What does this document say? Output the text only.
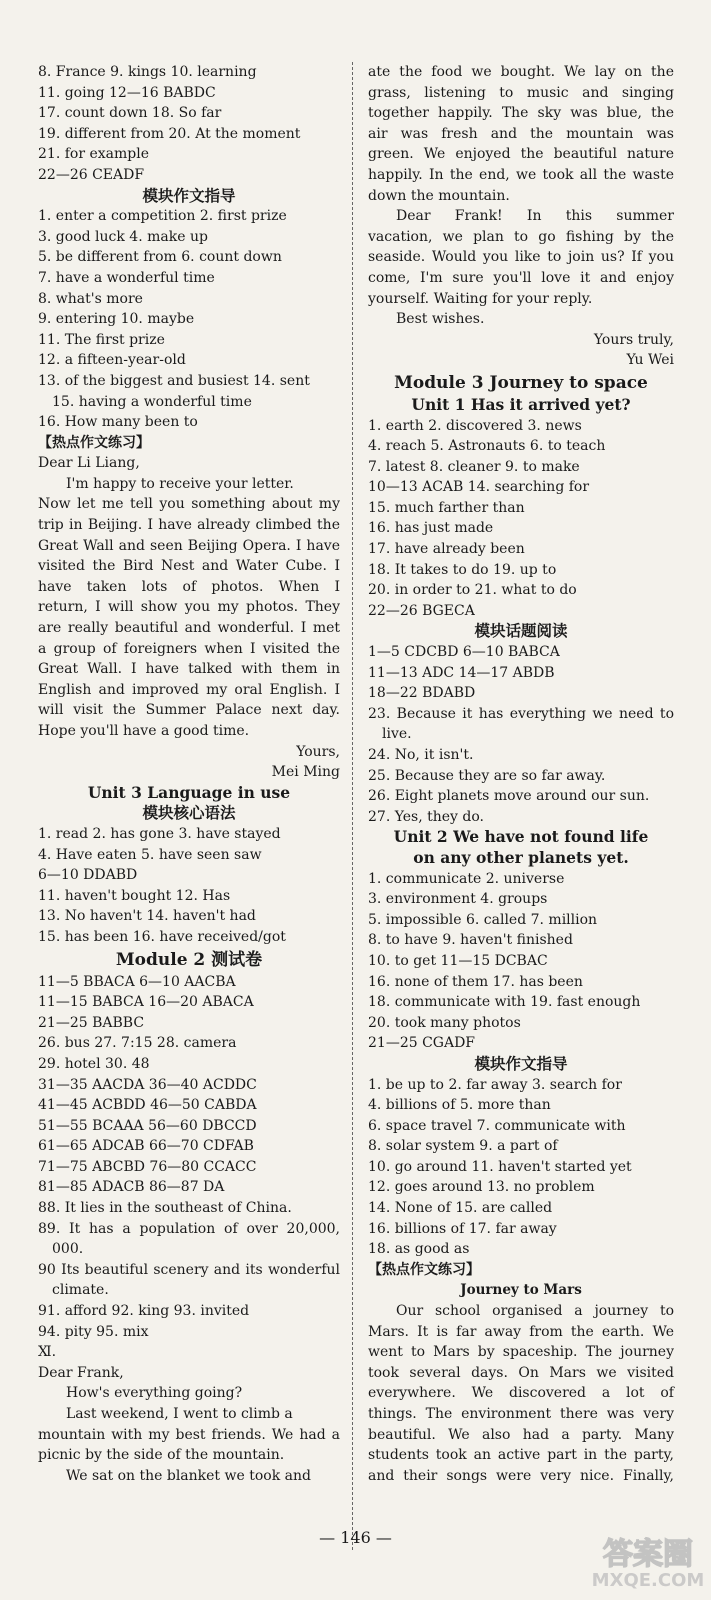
8. France 9. kings 10. learning
11. going 12—16 BABDC
17. count down 18. So far
19. different from 20. At the moment
21. for example
22—26 CEADF
模块作文指导
1. enter a competition 2. first prize
3. good luck 4. make up
5. be different from 6. count down
7. have a wonderful time
8. what's more
9. entering 10. maybe
11. The first prize
12. a fifteen-year-old
13. of the biggest and busiest 14. sent
15. having a wonderful time
16. How many been to
【热点作文练习】
Dear Li Liang,
I'm happy to receive your letter.
Now let me tell you something about my
trip in Beijing. I have already climbed the
Great Wall and seen Beijing Opera. I have
visited the Bird Nest and Water Cube. I
have taken lots of photos. When I
return, I will show you my photos. They
are really beautiful and wonderful. I met
a group of foreigners when I visited the
Great Wall. I have talked with them in
English and improved my oral English. I
will visit the Summer Palace next day.
Hope you'll have a good time.
Yours,
Mei Ming
Unit 3 Language in use
模块核心语法
1. read 2. has gone 3. have stayed
4. Have eaten 5. have seen saw
6—10 DDABD
11. haven't bought 12. Has
13. No haven't 14. haven't had
15. has been 16. have received/got
Module 2 测试卷
11—5 BBACA 6—10 AACBA
11—15 BABCA 16—20 ABACA
21—25 BABBC
26. bus 27. 7:15 28. camera
29. hotel 30. 48
31—35 AACDA 36—40 ACDDC
41—45 ACBDD 46—50 CABDA
51—55 BCAAA 56—60 DBCCD
61—65 ADCAB 66—70 CDFAB
71—75 ABCBD 76—80 CCACC
81—85 ADACB 86—87 DA
88. It lies in the southeast of China.
89. It has a population of over 20,000,
000.
90 Its beautiful scenery and its wonderful
climate.
91. afford 92. king 93. invited
94. pity 95. mix
Ⅺ.
Dear Frank,
How's everything going?
Last weekend, I went to climb a
mountain with my best friends. We had a
picnic by the side of the mountain.
We sat on the blanket we took and
ate the food we bought. We lay on the
grass, listening to music and singing
together happily. The sky was blue, the
air was fresh and the mountain was
green. We enjoyed the beautiful nature
happily. In the end, we took all the waste
down the mountain.
Dear Frank! In this summer
vacation, we plan to go fishing by the
seaside. Would you like to join us? If you
come, I'm sure you'll love it and enjoy
yourself. Waiting for your reply.
Best wishes.
Yours truly,
Yu Wei
Module 3 Journey to space
Unit 1 Has it arrived yet?
1. earth 2. discovered 3. news
4. reach 5. Astronauts 6. to teach
7. latest 8. cleaner 9. to make
10—13 ACAB 14. searching for
15. much farther than
16. has just made
17. have already been
18. It takes to do 19. up to
20. in order to 21. what to do
22—26 BGECA
模块话题阅读
1—5 CDCBD 6—10 BABCA
11—13 ADC 14—17 ABDB
18—22 BDABD
23. Because it has everything we need to
live.
24. No, it isn't.
25. Because they are so far away.
26. Eight planets move around our sun.
27. Yes, they do.
Unit 2 We have not found life
on any other planets yet.
1. communicate 2. universe
3. environment 4. groups
5. impossible 6. called 7. million
8. to have 9. haven't finished
10. to get 11—15 DCBAC
16. none of them 17. has been
18. communicate with 19. fast enough
20. took many photos
21—25 CGADF
模块作文指导
1. be up to 2. far away 3. search for
4. billions of 5. more than
6. space travel 7. communicate with
8. solar system 9. a part of
10. go around 11. haven't started yet
12. goes around 13. no problem
14. None of 15. are called
16. billions of 17. far away
18. as good as
【热点作文练习】
Journey to Mars
Our school organised a journey to
Mars. It is far away from the earth. We
went to Mars by spaceship. The journey
took several days. On Mars we visited
everywhere. We discovered a lot of
things. The environment there was very
beautiful. We also had a party. Many
students took an active part in the party,
and their songs were very nice. Finally,
— 146 —	答案圈
MXQE.COM
